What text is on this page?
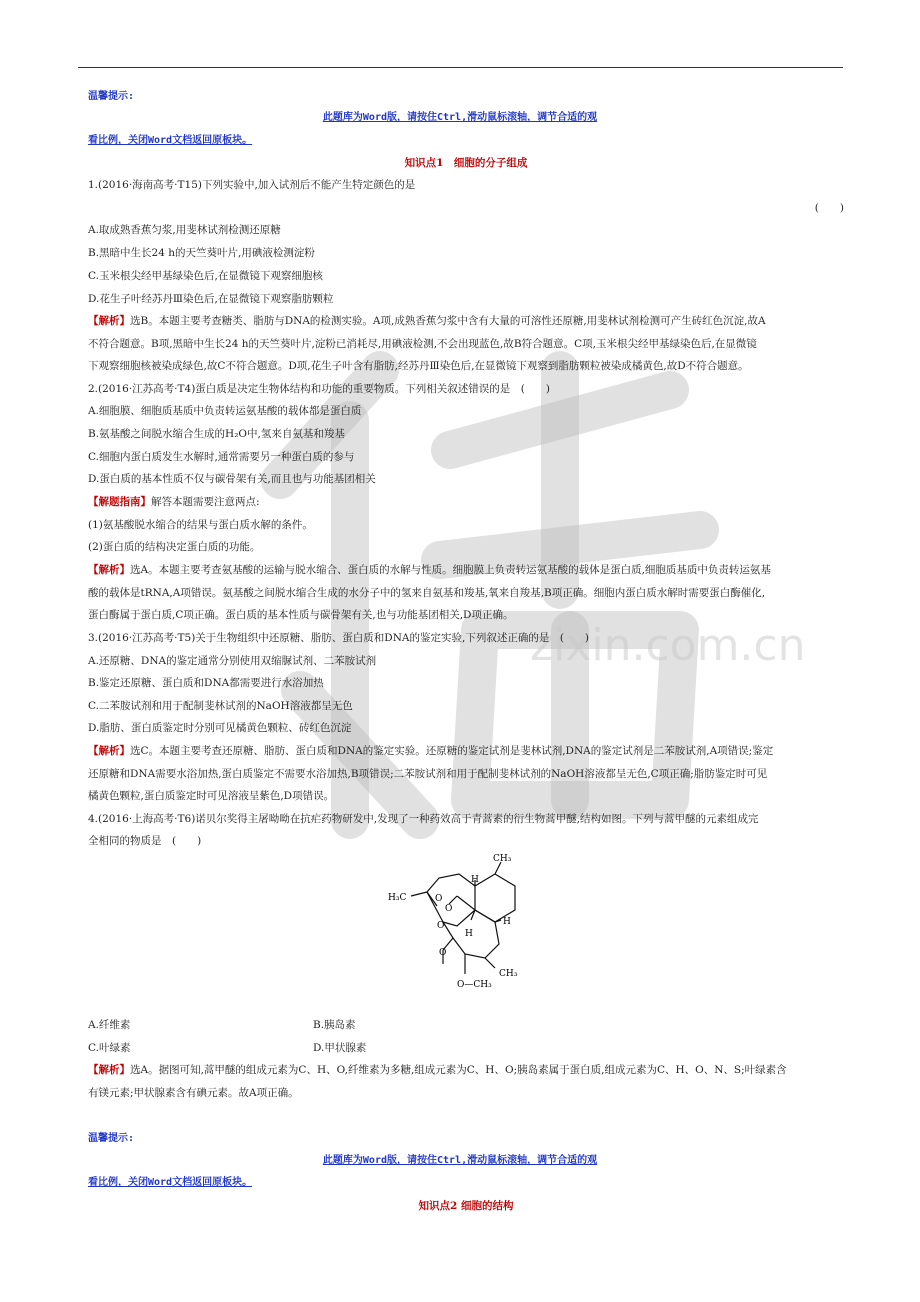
zixin.com.cn
温馨提示:
此题库为Word版，请按住Ctrl,滑动鼠标滚轴，调节合适的观
看比例，关闭Word文档返回原板块。
知识点1　细胞的分子组成
1.(2016·海南高考·T15)下列实验中,加入试剂后不能产生特定颜色的是
(　　)
A.取成熟香蕉匀浆,用斐林试剂检测还原糖
B.黑暗中生长24 h的天竺葵叶片,用碘液检测淀粉
C.玉米根尖经甲基绿染色后,在显微镜下观察细胞核
D.花生子叶经苏丹Ⅲ染色后,在显微镜下观察脂肪颗粒
【解析】选B。本题主要考查糖类、脂肪与DNA的检测实验。A项,成熟香蕉匀浆中含有大量的可溶性还原糖,用斐林试剂检测可产生砖红色沉淀,故A
不符合题意。B项,黑暗中生长24 h的天竺葵叶片,淀粉已消耗尽,用碘液检测,不会出现蓝色,故B符合题意。C项,玉米根尖经甲基绿染色后,在显微镜
下观察细胞核被染成绿色,故C不符合题意。D项,花生子叶含有脂肪,经苏丹Ⅲ染色后,在显微镜下观察到脂肪颗粒被染成橘黄色,故D不符合题意。
2.(2016·江苏高考·T4)蛋白质是决定生物体结构和功能的重要物质。下列相关叙述错误的是　(　　)
A.细胞膜、细胞质基质中负责转运氨基酸的载体都是蛋白质
B.氨基酸之间脱水缩合生成的H₂O中,氢来自氨基和羧基
C.细胞内蛋白质发生水解时,通常需要另一种蛋白质的参与
D.蛋白质的基本性质不仅与碳骨架有关,而且也与功能基团相关
【解题指南】解答本题需要注意两点:
(1)氨基酸脱水缩合的结果与蛋白质水解的条件。
(2)蛋白质的结构决定蛋白质的功能。
【解析】选A。本题主要考查氨基酸的运输与脱水缩合、蛋白质的水解与性质。细胞膜上负责转运氨基酸的载体是蛋白质,细胞质基质中负责转运氨基
酸的载体是tRNA,A项错误。氨基酸之间脱水缩合生成的水分子中的氢来自氨基和羧基,氧来自羧基,B项正确。细胞内蛋白质水解时需要蛋白酶催化,
蛋白酶属于蛋白质,C项正确。蛋白质的基本性质与碳骨架有关,也与功能基团相关,D项正确。
3.(2016·江苏高考·T5)关于生物组织中还原糖、脂肪、蛋白质和DNA的鉴定实验,下列叙述正确的是　(　　)
A.还原糖、DNA的鉴定通常分别使用双缩脲试剂、二苯胺试剂
B.鉴定还原糖、蛋白质和DNA都需要进行水浴加热
C.二苯胺试剂和用于配制斐林试剂的NaOH溶液都呈无色
D.脂肪、蛋白质鉴定时分别可见橘黄色颗粒、砖红色沉淀
【解析】选C。本题主要考查还原糖、脂肪、蛋白质和DNA的鉴定实验。还原糖的鉴定试剂是斐林试剂,DNA的鉴定试剂是二苯胺试剂,A项错误;鉴定
还原糖和DNA需要水浴加热,蛋白质鉴定不需要水浴加热,B项错误;二苯胺试剂和用于配制斐林试剂的NaOH溶液都呈无色,C项正确;脂肪鉴定时可见
橘黄色颗粒,蛋白质鉴定时可见溶液呈紫色,D项错误。
4.(2016·上海高考·T6)诺贝尔奖得主屠呦呦在抗疟药物研发中,发现了一种药效高于青蒿素的衍生物蒿甲醚,结构如图。下列与蒿甲醚的元素组成完
全相同的物质是　(　　)
CH₃
H
H₃C	O
O
H
O
O
H
CH₃
O—CH₃
A.纤维素	B.胰岛素
C.叶绿素	D.甲状腺素
【解析】选A。据图可知,蒿甲醚的组成元素为C、H、O,纤维素为多糖,组成元素为C、H、O;胰岛素属于蛋白质,组成元素为C、H、O、N、S;叶绿素含
有镁元素;甲状腺素含有碘元素。故A项正确。
温馨提示:
此题库为Word版，请按住Ctrl,滑动鼠标滚轴，调节合适的观
看比例，关闭Word文档返回原板块。
知识点2 细胞的结构
